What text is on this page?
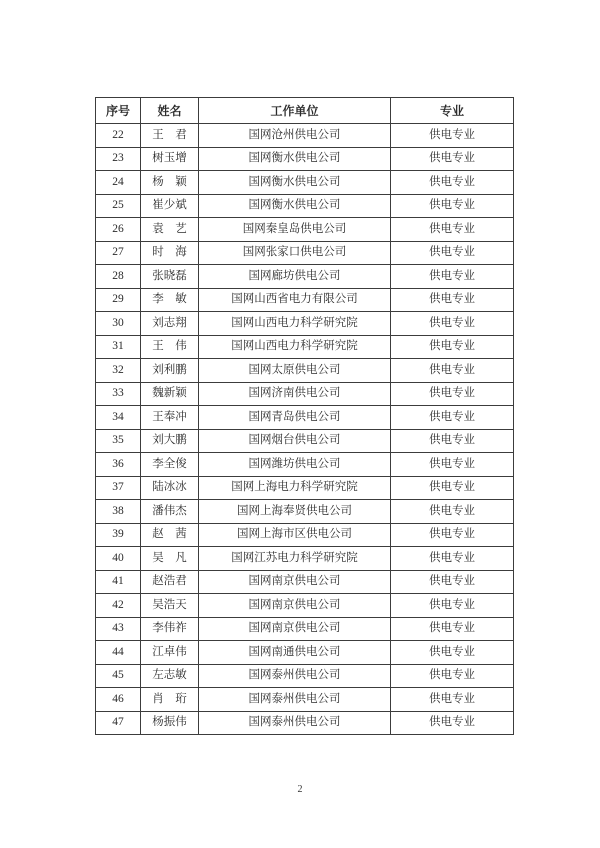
序号	姓名	工作单位	专业
22	王　君	国网沧州供电公司	供电专业
23	树玉增	国网衡水供电公司	供电专业
24	杨　颖	国网衡水供电公司	供电专业
25	崔少斌	国网衡水供电公司	供电专业
26	袁　艺	国网秦皇岛供电公司	供电专业
27	时　海	国网张家口供电公司	供电专业
28	张晓磊	国网廊坊供电公司	供电专业
29	李　敏	国网山西省电力有限公司	供电专业
30	刘志翔	国网山西电力科学研究院	供电专业
31	王　伟	国网山西电力科学研究院	供电专业
32	刘利鹏	国网太原供电公司	供电专业
33	魏新颖	国网济南供电公司	供电专业
34	王奉冲	国网青岛供电公司	供电专业
35	刘大鹏	国网烟台供电公司	供电专业
36	李全俊	国网潍坊供电公司	供电专业
37	陆冰冰	国网上海电力科学研究院	供电专业
38	潘伟杰	国网上海奉贤供电公司	供电专业
39	赵　茜	国网上海市区供电公司	供电专业
40	吴　凡	国网江苏电力科学研究院	供电专业
41	赵浩君	国网南京供电公司	供电专业
42	吴浩天	国网南京供电公司	供电专业
43	李伟祚	国网南京供电公司	供电专业
44	江卓伟	国网南通供电公司	供电专业
45	左志敏	国网泰州供电公司	供电专业
46	肖　珩	国网泰州供电公司	供电专业
47	杨振伟	国网泰州供电公司	供电专业
2
